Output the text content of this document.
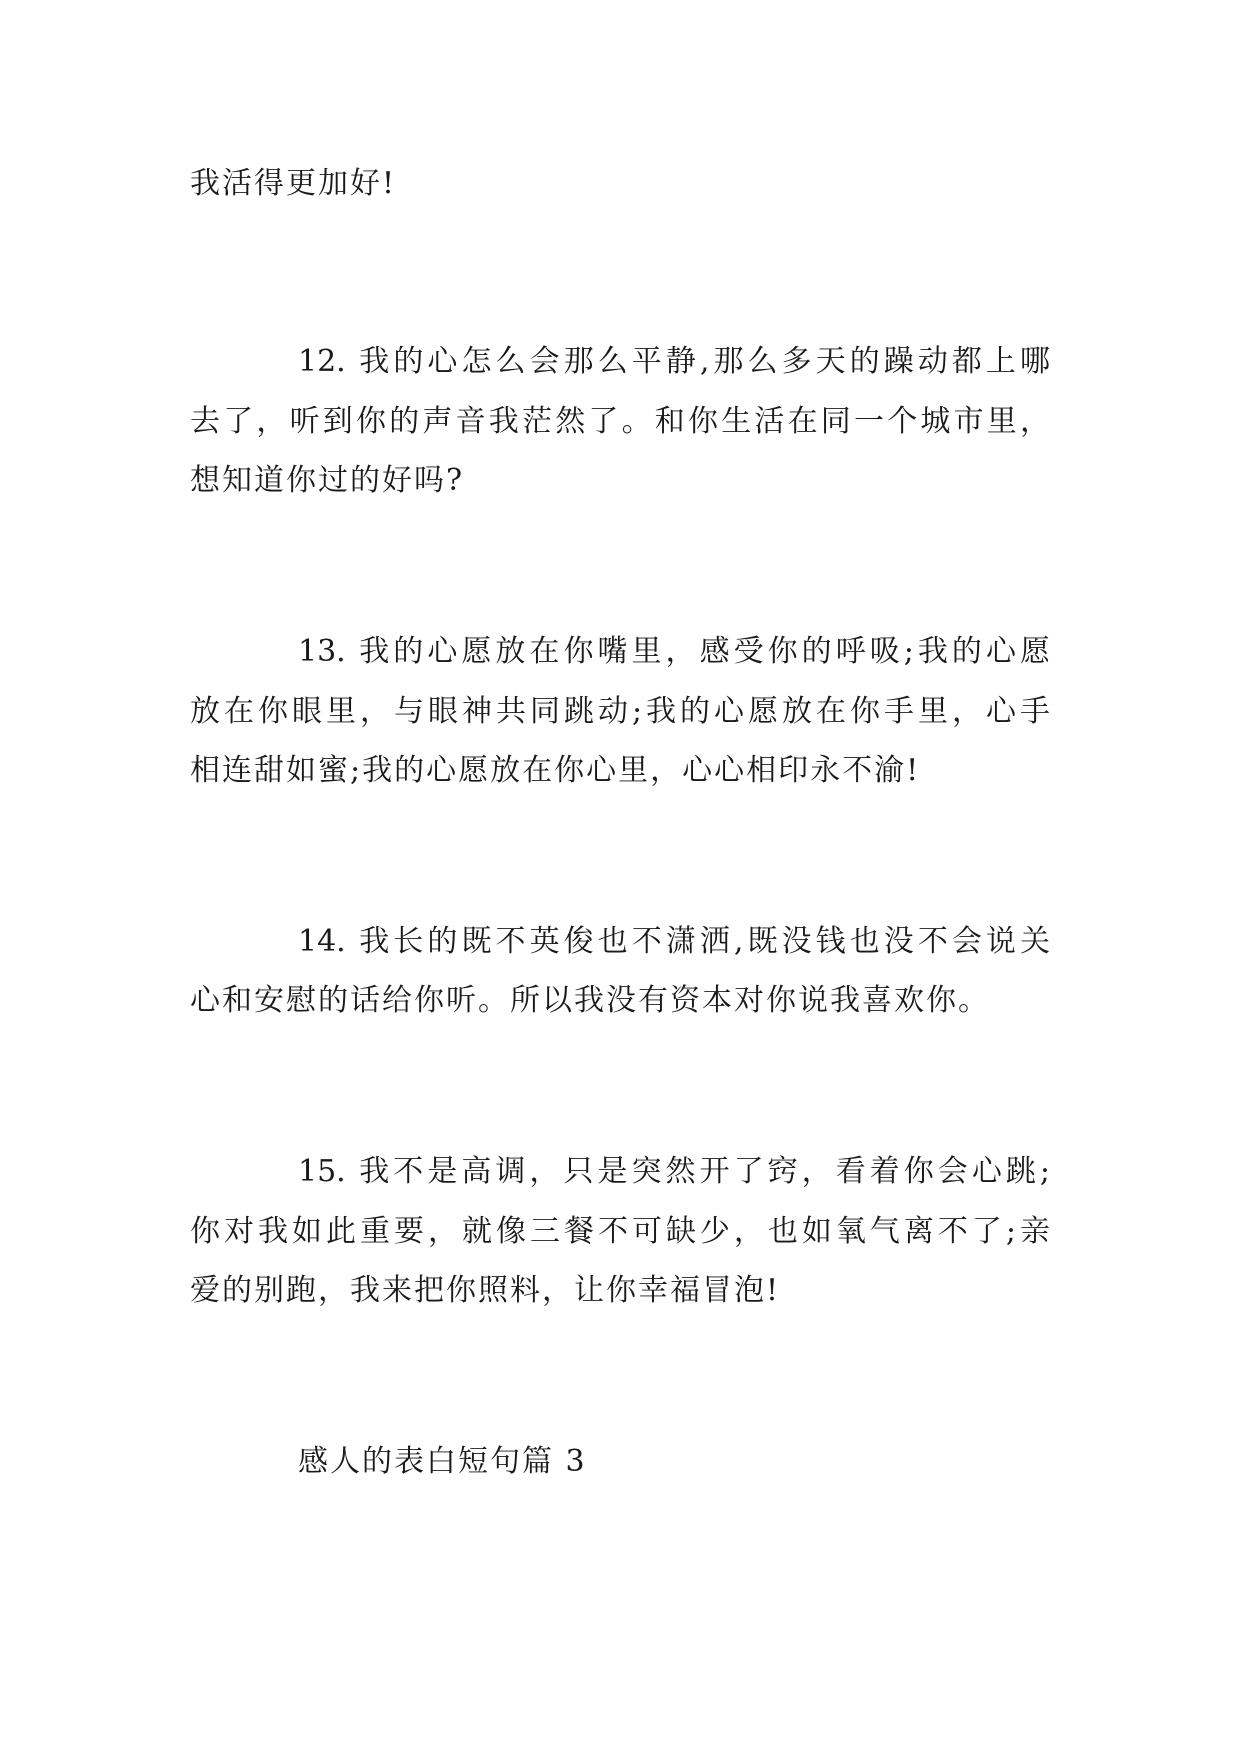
我活得更加好!
12. 我的心怎么会那么平静,那么多天的躁动都上哪
去了，听到你的声音我茫然了。和你生活在同一个城市里，
想知道你过的好吗?
13. 我的心愿放在你嘴里，感受你的呼吸;我的心愿
放在你眼里，与眼神共同跳动;我的心愿放在你手里，心手
相连甜如蜜;我的心愿放在你心里，心心相印永不渝!
14. 我长的既不英俊也不潇洒,既没钱也没不会说关
心和安慰的话给你听。所以我没有资本对你说我喜欢你。
15. 我不是高调，只是突然开了窍，看着你会心跳;
你对我如此重要，就像三餐不可缺少，也如氧气离不了;亲
爱的别跑，我来把你照料，让你幸福冒泡!
感人的表白短句篇 3
